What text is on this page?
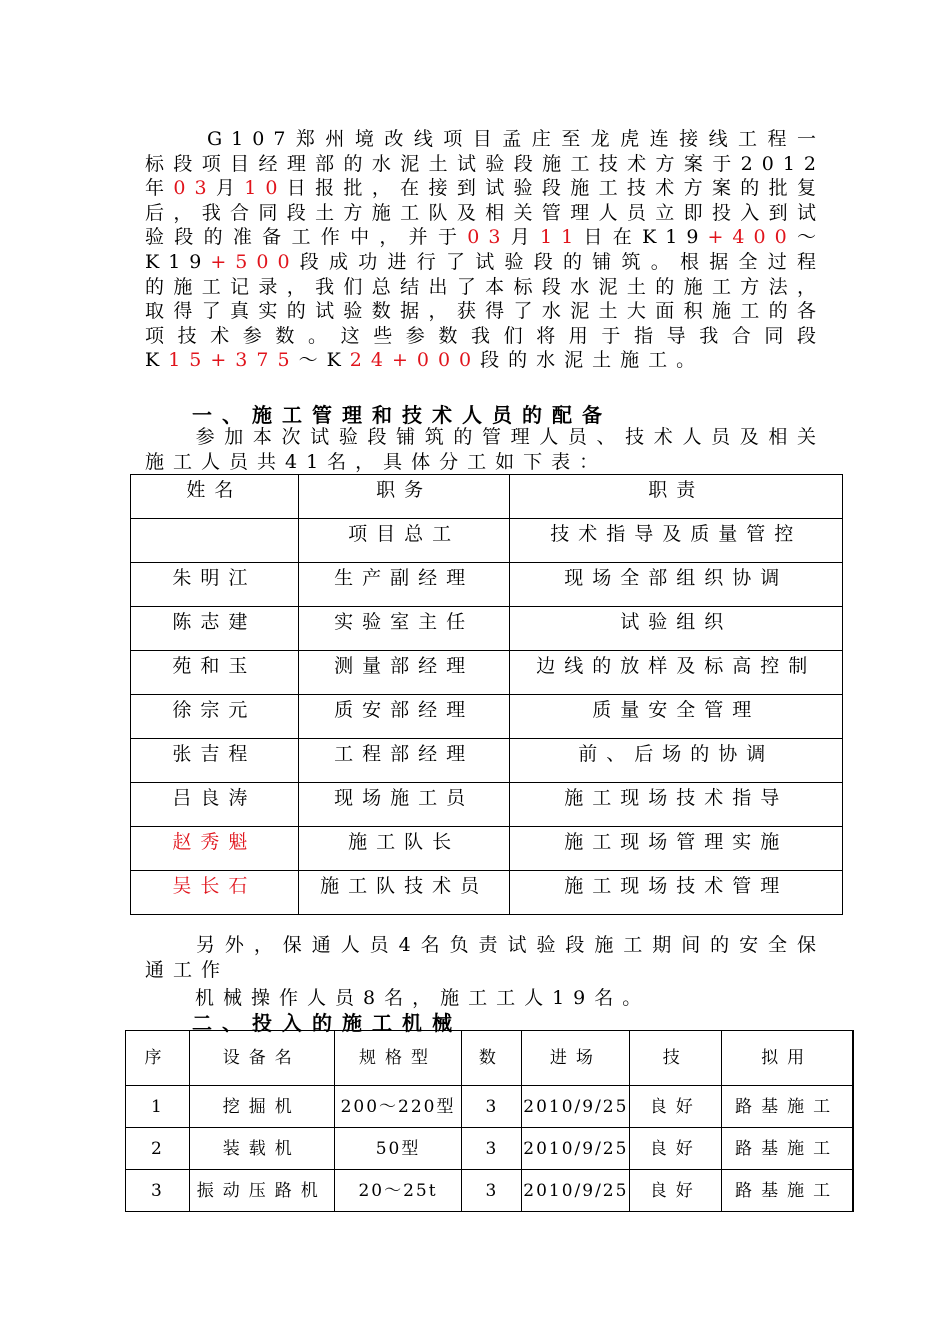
G107郑州境改线项目孟庄至龙虎连接线工程一标段项目经理部的水泥土试验段施工技术方案于2012年03月10日报批，在接到试验段施工技术方案的批复后，我合同段土方施工队及相关管理人员立即投入到试验段的准备工作中，并于03月11日在K19+400～K19+500段成功进行了试验段的铺筑。根据全过程的施工记录，我们总结出了本标段水泥土的施工方法，取得了真实的试验数据，获得了水泥土大面积施工的各项技术参数。这些参数我们将用于指导我合同段K15+375～K24+000段的水泥土施工。

一、施工管理和技术人员的配备

参加本次试验段铺筑的管理人员、技术人员及相关施工人员共41名，具体分工如下表：

姓名	职务	职责
	项目总工	技术指导及质量管控
朱明江	生产副经理	现场全部组织协调
陈志建	实验室主任	试验组织
苑和玉	测量部经理	边线的放样及标高控制
徐宗元	质安部经理	质量安全管理
张吉程	工程部经理	前、后场的协调
吕良涛	现场施工员	施工现场技术指导
赵秀魁	施工队长	施工现场管理实施
吴长石	施工队技术员	施工现场技术管理

另外，保通人员4名负责试验段施工期间的安全保通工作

机械操作人员8名，施工工人19名。

二、投入的施工机械

序	设备名	规格型	数	进场	技	拟用
1	挖掘机	200～220型	3	2010/9/25	良好	路基施工
2	装载机	50型	3	2010/9/25	良好	路基施工
3	振动压路机	20～25t	3	2010/9/25	良好	路基施工
